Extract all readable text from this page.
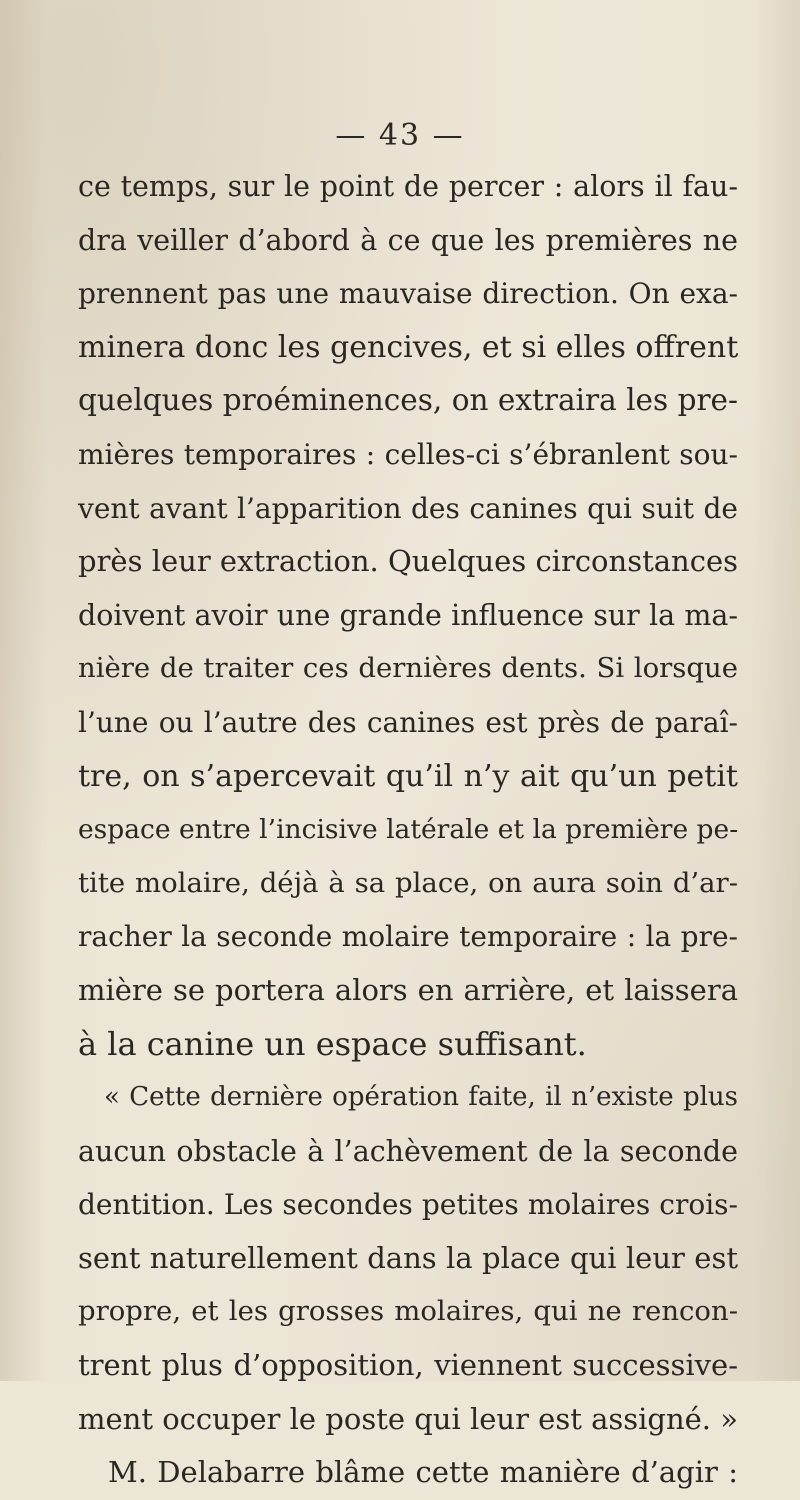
— 43 —
ce temps, sur le point de percer : alors il fau-
dra veiller d’abord à ce que les premières ne
prennent pas une mauvaise direction. On exa-
minera donc les gencives, et si elles offrent
quelques proéminences, on extraira les pre-
mières temporaires : celles-ci s’ébranlent sou-
vent avant l’apparition des canines qui suit de
près leur extraction. Quelques circonstances
doivent avoir une grande influence sur la ma-
nière de traiter ces dernières dents. Si lorsque
l’une ou l’autre des canines est près de paraî-
tre, on s’apercevait qu’il n’y ait qu’un petit
espace entre l’incisive latérale et la première pe-
tite molaire, déjà à sa place, on aura soin d’ar-
racher la seconde molaire temporaire : la pre-
mière se portera alors en arrière, et laissera
à la canine un espace suffisant.
« Cette dernière opération faite, il n’existe plus
aucun obstacle à l’achèvement de la seconde
dentition. Les secondes petites molaires crois-
sent naturellement dans la place qui leur est
propre, et les grosses molaires, qui ne rencon-
trent plus d’opposition, viennent successive-
ment occuper le poste qui leur est assigné. »
M. Delabarre blâme cette manière d’agir :
